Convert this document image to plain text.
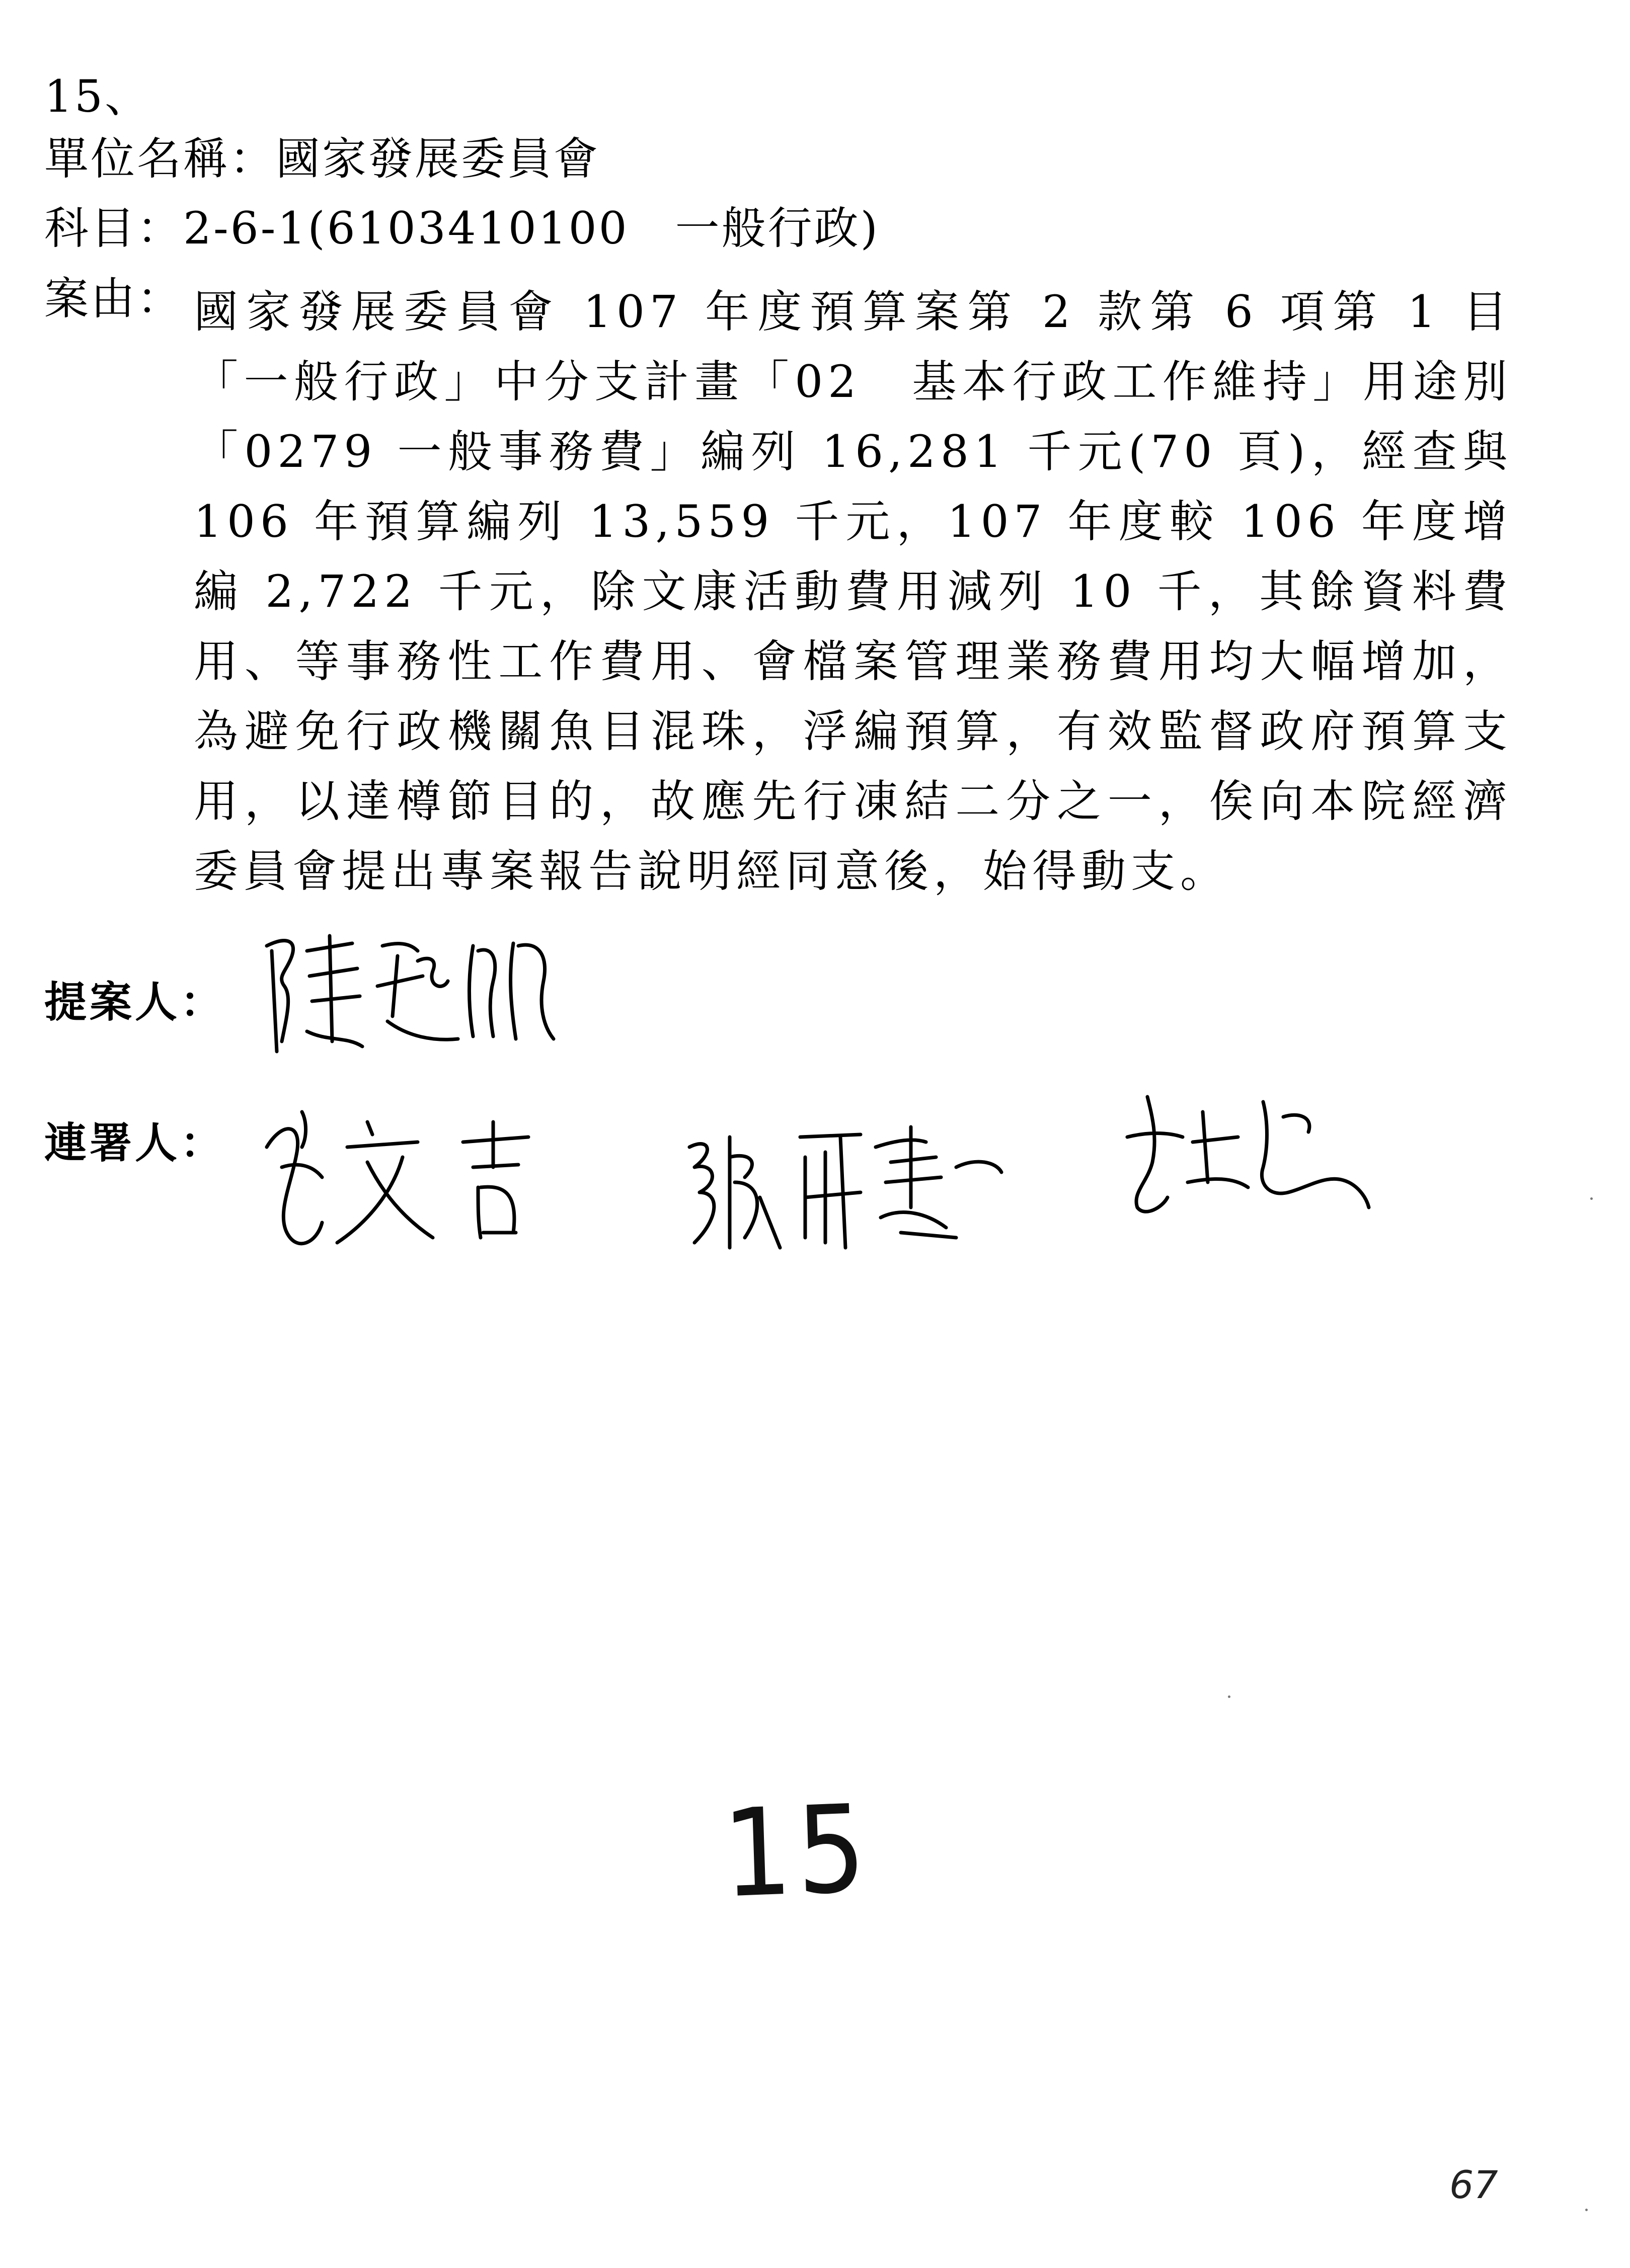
15、
單位名稱：國家發展委員會
科目：2-6-1(6103410100　一般行政)
案由： 國家發展委員會 107 年度預算案第 2 款第 6 項第 1 目「一般行政」中分支計畫「02　基本行政工作維持」用途別「0279 一般事務費」編列 16,281 千元(70 頁)，經查與 106 年預算編列 13,559 千元，107 年度較 106 年度增編 2,722 千元，除文康活動費用減列 10 千，其餘資料費用、等事務性工作費用、會檔案管理業務費用均大幅增加，為避免行政機關魚目混珠，浮編預算，有效監督政府預算支用，以達樽節目的，故應先行凍結二分之一，俟向本院經濟委員會提出專案報告說明經同意後，始得動支。

提案人：
連署人：
15
67
